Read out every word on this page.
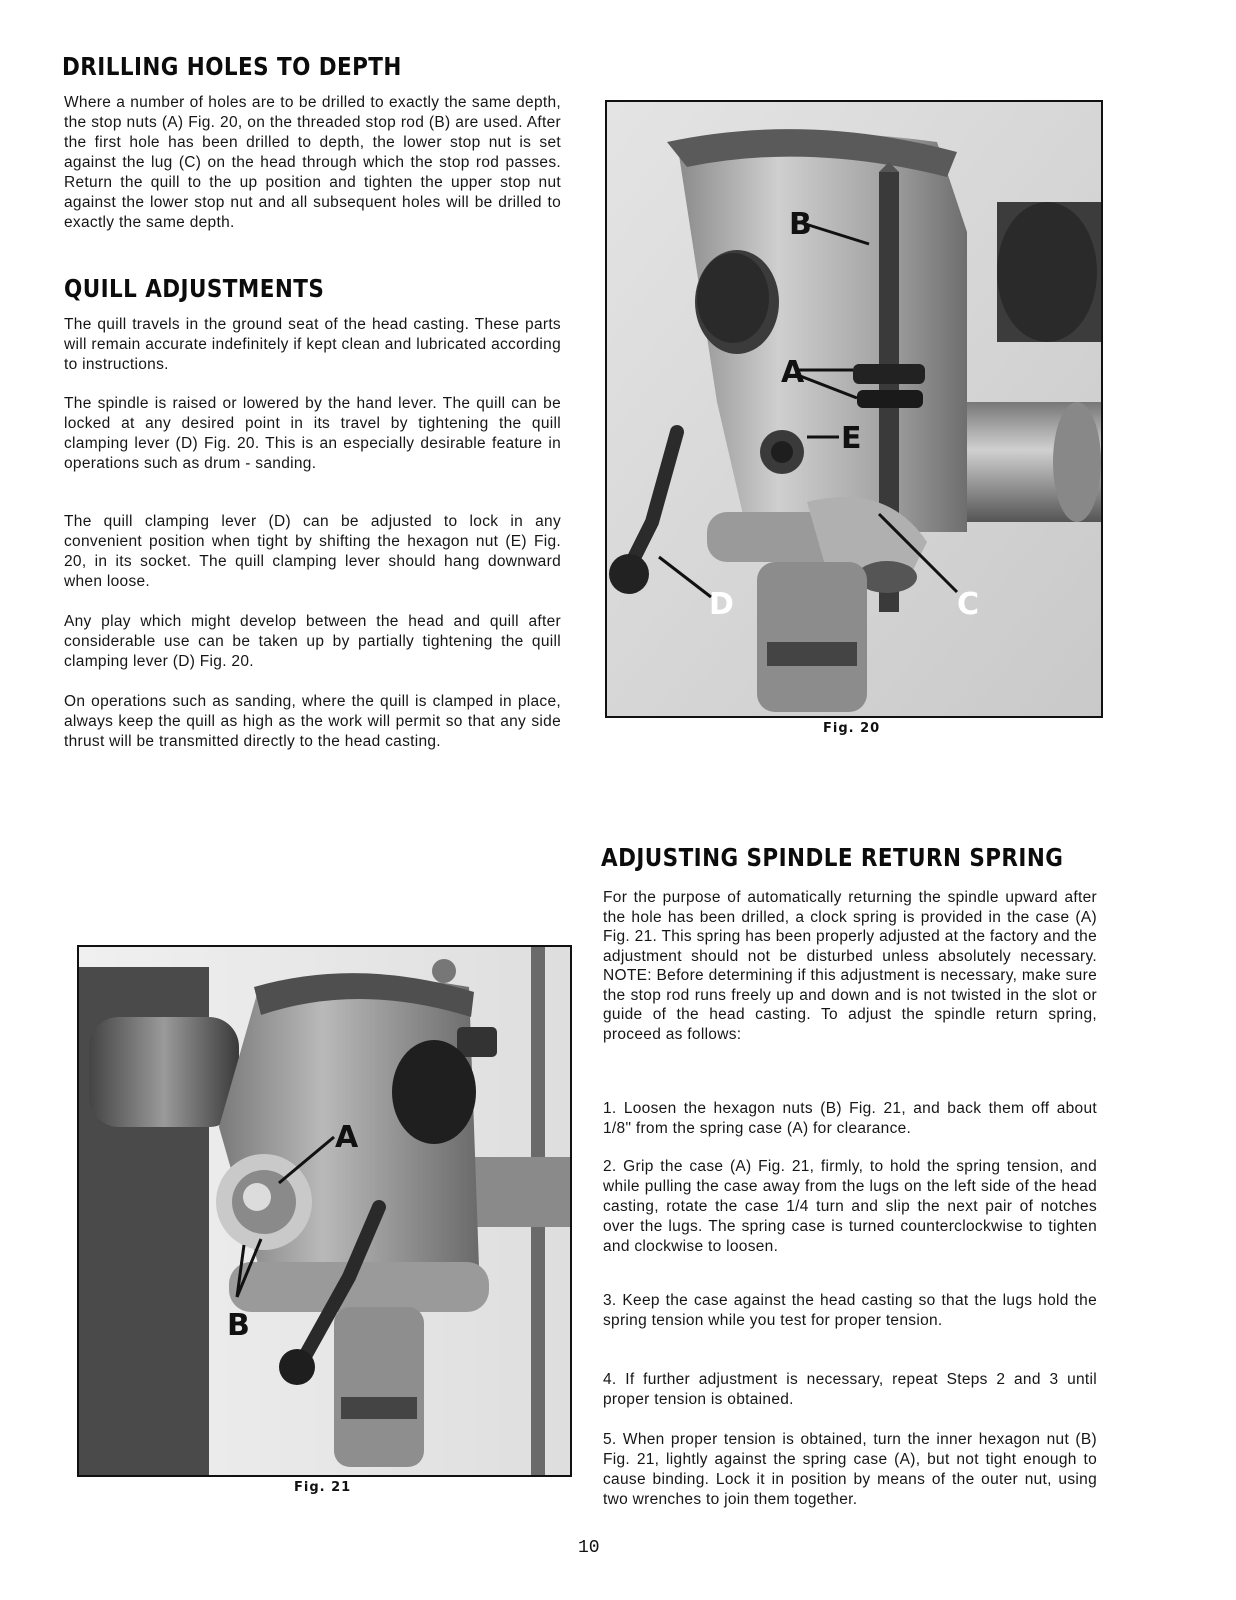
DRILLING HOLES TO DEPTH

Where a number of holes are to be drilled to exactly the same depth, the stop nuts (A) Fig. 20, on the threaded stop rod (B) are used. After the first hole has been drilled to depth, the lower stop nut is set against the lug (C) on the head through which the stop rod passes. Return the quill to the up position and tighten the upper stop nut against the lower stop nut and all subsequent holes will be drilled to exactly the same depth.

QUILL ADJUSTMENTS

The quill travels in the ground seat of the head casting. These parts will remain accurate indefinitely if kept clean and lubricated according to instructions.

The spindle is raised or lowered by the hand lever. The quill can be locked at any desired point in its travel by tightening the quill clamping lever (D) Fig. 20. This is an especially desirable feature in operations such as drum - sanding.

The quill clamping lever (D) can be adjusted to lock in any convenient position when tight by shifting the hexagon nut (E) Fig. 20, in its socket. The quill clamping lever should hang downward when loose.

Any play which might develop between the head and quill after considerable use can be taken up by partially tightening the quill clamping lever (D) Fig. 20.

On operations such as sanding, where the quill is clamped in place, always keep the quill as high as the work will permit so that any side thrust will be transmitted directly to the head casting.

B
A
E
D	C
Fig. 20
ADJUSTING SPINDLE RETURN SPRING

For the purpose of automatically returning the spindle upward after the hole has been drilled, a clock spring is provided in the case (A) Fig. 21. This spring has been properly adjusted at the factory and the adjustment should not be disturbed unless absolutely necessary. NOTE: Before determining if this adjustment is necessary, make sure the stop rod runs freely up and down and is not twisted in the slot or guide of the head casting. To adjust the spindle return spring, proceed as follows:

1. Loosen the hexagon nuts (B) Fig. 21, and back them off about 1/8" from the spring case (A) for clearance.

2. Grip the case (A) Fig. 21, firmly, to hold the spring tension, and while pulling the case away from the lugs on the left side of the head casting, rotate the case 1/4 turn and slip the next pair of notches over the lugs. The spring case is turned counterclockwise to tighten and clockwise to loosen.

3. Keep the case against the head casting so that the lugs hold the spring tension while you test for proper tension.

4. If further adjustment is necessary, repeat Steps 2 and 3 until proper tension is obtained.

5. When proper tension is obtained, turn the inner hexagon nut (B) Fig. 21, lightly against the spring case (A), but not tight enough to cause binding. Lock it in position by means of the outer nut, using two wrenches to join them together.

A
B
Fig. 21
10
